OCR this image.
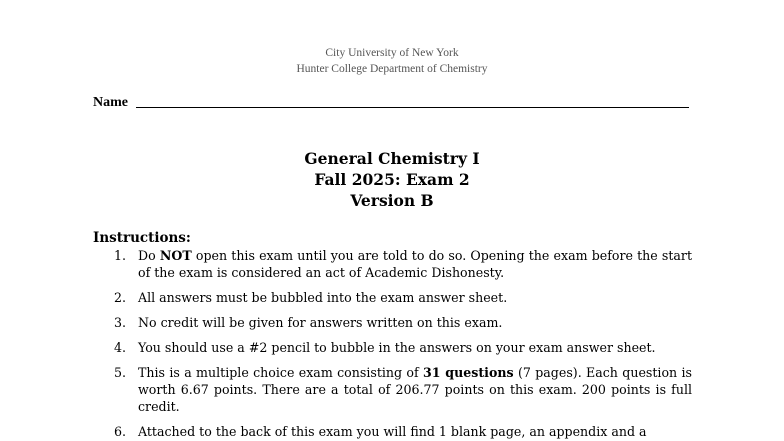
City University of New York
Hunter College Department of Chemistry
Name
General Chemistry I
Fall 2025: Exam 2
Version B
Instructions:
1. Do NOT open this exam until you are told to do so. Opening the exam before the start of the exam is considered an act of Academic Dishonesty.
2. All answers must be bubbled into the exam answer sheet.
3. No credit will be given for answers written on this exam.
4. You should use a #2 pencil to bubble in the answers on your exam answer sheet.
5. This is a multiple choice exam consisting of 31 questions (7 pages). Each question is worth 6.67 points. There are a total of 206.77 points on this exam. 200 points is full credit.
6. Attached to the back of this exam you will find 1 blank page, an appendix and a
